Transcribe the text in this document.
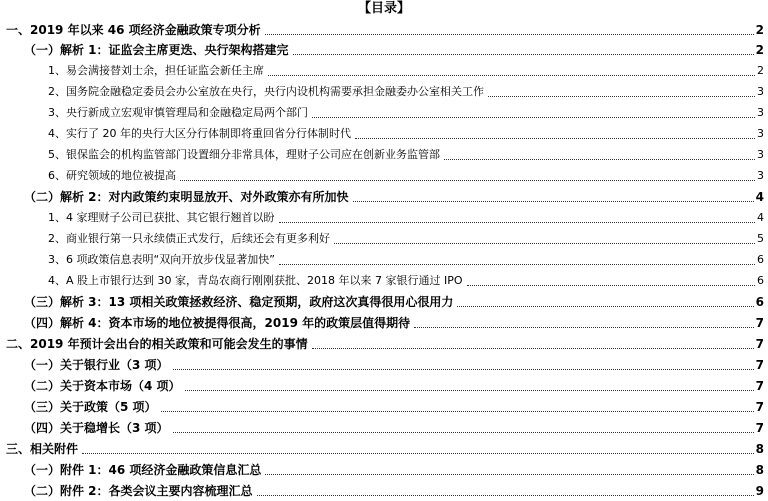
【目录】
一、2019 年以来 46 项经济金融政策专项分析	2
（一）解析 1：证监会主席更迭、央行架构搭建完	2
1、易会满接替刘士余，担任证监会新任主席	2
2、国务院金融稳定委员会办公室放在央行，央行内设机构需要承担金融委办公室相关工作	3
3、央行新成立宏观审慎管理局和金融稳定局两个部门	3
4、实行了 20 年的央行大区分行体制即将重回省分行体制时代	3
5、银保监会的机构监管部门设置细分非常具体，理财子公司应在创新业务监管部	3
6、研究领域的地位被提高	3
（二）解析 2：对内政策约束明显放开、对外政策亦有所加快	4
1、4 家理财子公司已获批、其它银行翘首以盼	4
2、商业银行第一只永续债正式发行，后续还会有更多利好	5
3、6 项政策信息表明“双向开放步伐显著加快”	6
4、A 股上市银行达到 30 家，青岛农商行刚刚获批、2018 年以来 7 家银行通过 IPO	6
（三）解析 3：13 项相关政策拯救经济、稳定预期，政府这次真得很用心很用力	6
（四）解析 4：资本市场的地位被提得很高，2019 年的政策层值得期待	7
二、2019 年预计会出台的相关政策和可能会发生的事情	7
（一）关于银行业（3 项）	7
（二）关于资本市场（4 项）	7
（三）关于政策（5 项）	7
（四）关于稳增长（3 项）	7
三、相关附件	8
（一）附件 1：46 项经济金融政策信息汇总	8
（二）附件 2：各类会议主要内容梳理汇总	9
